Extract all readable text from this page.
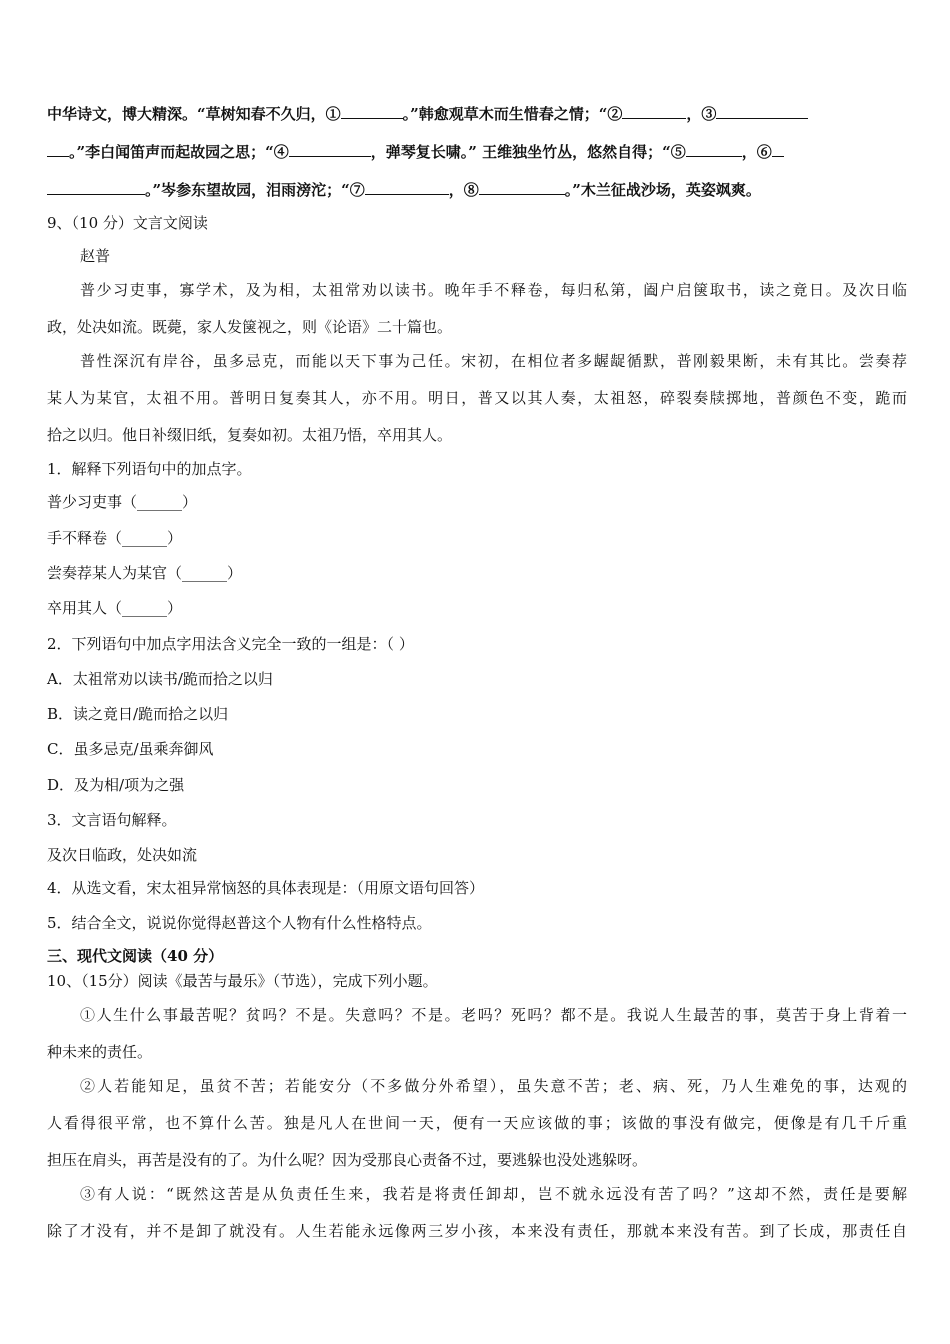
中华诗文，博大精深。“草树知春不久归，①	。”韩愈观草木而生惜春之情；“②	，③
。”李白闻笛声而起故园之思；“④	，弹琴复长啸。” 王维独坐竹丛，悠然自得；“⑤	，⑥
。”岑参东望故园，泪雨滂沱；“⑦	，⑧	。”木兰征战沙场，英姿飒爽。
9、（10 分）文言文阅读
赵普
普少习吏事，寡学术，及为相，太祖常劝以读书。晚年手不释卷，每归私第，阖户启箧取书，读之竟日。及次日临
政，处决如流。既薨，家人发箧视之，则《论语》二十篇也。
普性深沉有岸谷，虽多忌克，而能以天下事为己任。宋初，在相位者多龌龊循默，普刚毅果断，未有其比。尝奏荐
某人为某官，太祖不用。普明日复奏其人，亦不用。明日，普又以其人奏，太祖怒，碎裂奏牍掷地，普颜色不变，跪而
拾之以归。他日补缀旧纸，复奏如初。太祖乃悟，卒用其人。
1．解释下列语句中的加点字。
普少习吏事（______）
手不释卷（______）
尝奏荐某人为某官（______）
卒用其人（______）
2．下列语句中加点字用法含义完全一致的一组是：（ ）
A．太祖常劝以读书/跪而拾之以归
B．读之竟日/跪而拾之以归
C．虽多忌克/虽乘奔御风
D．及为相/项为之强
3．文言语句解释。
及次日临政，处决如流
4．从选文看，宋太祖异常恼怒的具体表现是：（用原文语句回答）
5．结合全文，说说你觉得赵普这个人物有什么性格特点。
三、现代文阅读（40 分）
10、（15分）阅读《最苦与最乐》（节选），完成下列小题。
①人生什么事最苦呢？贫吗？不是。失意吗？不是。老吗？死吗？都不是。我说人生最苦的事，莫苦于身上背着一
种未来的责任。
②人若能知足，虽贫不苦；若能安分（不多做分外希望），虽失意不苦；老、病、死，乃人生难免的事，达观的
人看得很平常，也不算什么苦。独是凡人在世间一天，便有一天应该做的事；该做的事没有做完，便像是有几千斤重
担压在肩头，再苦是没有的了。为什么呢？因为受那良心责备不过，要逃躲也没处逃躲呀。
③有人说：“既然这苦是从负责任生来，我若是将责任卸却，岂不就永远没有苦了吗？”这却不然，责任是要解
除了才没有，并不是卸了就没有。人生若能永远像两三岁小孩，本来没有责任，那就本来没有苦。到了长成，那责任自
